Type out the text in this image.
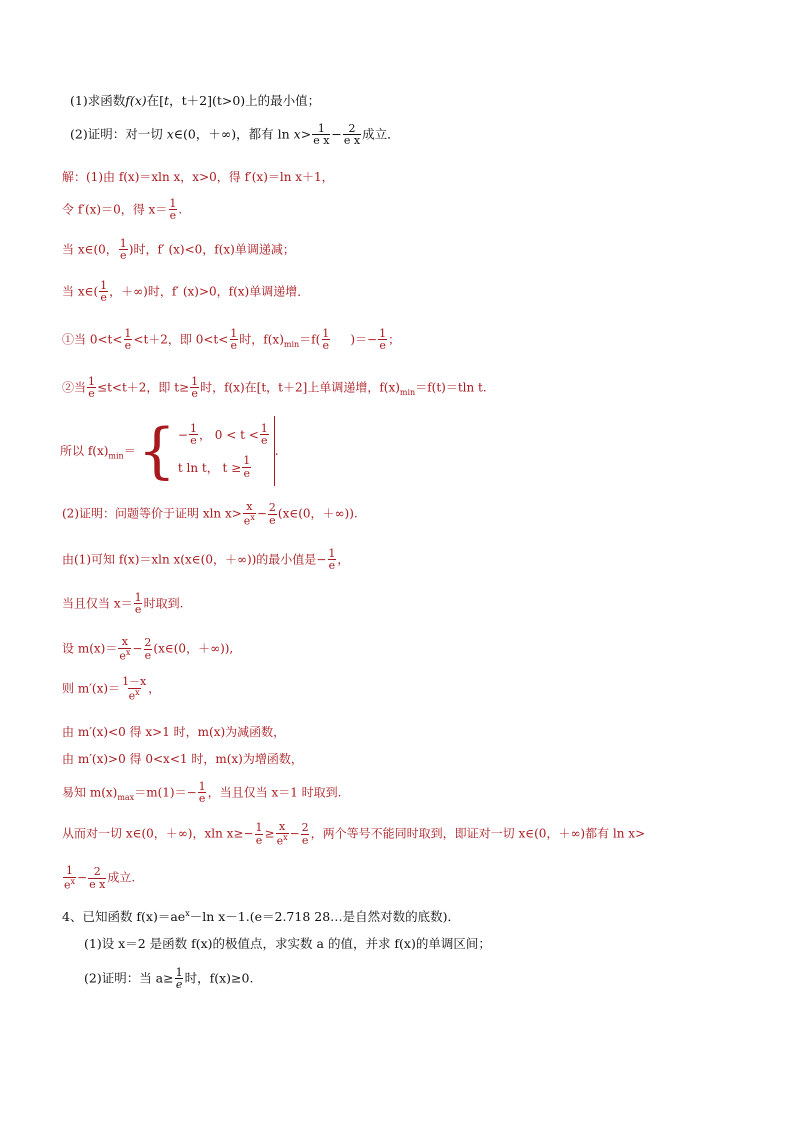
(1)求函数f(x)在[t，t＋2](t>0)上的最小值；
(2)证明：对一切 x∈(0，＋∞)，都有 $\ln x> \frac{1}{\text{e x}} - \frac{2}{\text{e x}}$ 成立．
解：(1)由 f(x)＝xln x，x>0，得 f′(x)＝ln x＋1，
令 f′(x)＝0，得 $x= \frac{1}{e}$ .
当 x∈(0， $\frac{1}{e}$ )时，f′ (x)<0，f(x)单调递减；
当 x∈( $\frac{1}{e}$ ，＋∞)时，f′ (x)>0，f(x)单调递增．
①当 $0<t< \frac{1}{e} <t+2$，即 $0<t< \frac{1}{e}$ 时，$f(x)_{min}=f( \frac{1}{e}$ )＝− $\frac{1}{e}$ ；
②当 $\frac{1}{e} \le t<t+2$，即 $t\ge \frac{1}{e}$ 时，f(x)在[t，t＋2]上单调递增，$f(x)_{min}=f(t)=tln$ t.
所以 $f(x)_{min}=$ { − $\frac{1}{e}$ ， 0 < t <
1
e
t ln t， $t \ge \frac{1}{e}$
.
(2)证明：问题等价于证明 xln $x> \frac{x}{e^x} - \frac{2}{e}$ (x∈(0，＋∞)).
由(1)可知 f(x)＝xln x(x∈(0，＋∞))的最小值是− $\frac{1}{e}$ ，
当且仅当 $x= \frac{1}{e}$ 时取到.
设 $m(x)= \frac{x}{e^x} - \frac{2}{e}$ (x∈(0，＋∞)),
则 $m'(x)= \frac{1-x}{e^x}$ ，
由 m′(x)<0 得 x>1 时，m(x)为减函数，
由 m′(x)>0 得 0<x<1 时，m(x)为增函数，
易知 $m(x)_{max}=m(1)=- \frac{1}{e}$ ，当且仅当 x＝1 时取到.
从而对一切 x∈(0，＋∞)，xln $x\ge- \frac{1}{e} \ge \frac{x}{e^x} - \frac{2}{e}$ ，两个等号不能同时取到，即证对一切 x∈(0，＋∞)都有 ln x>
$\frac{1}{e^x} - \frac{2}{\text{e x}}$ 成立.
4、已知函数 $f(x)=ae^x-\ln$ x－1.(e＝2.718 28…是自然对数的底数)．
(1)设 x＝2 是函数 f(x)的极值点，求实数 a 的值，并求 f(x)的单调区间；
(2)证明：当 $a\ge \frac{1}{e}$ 时，f(x)≥0.
